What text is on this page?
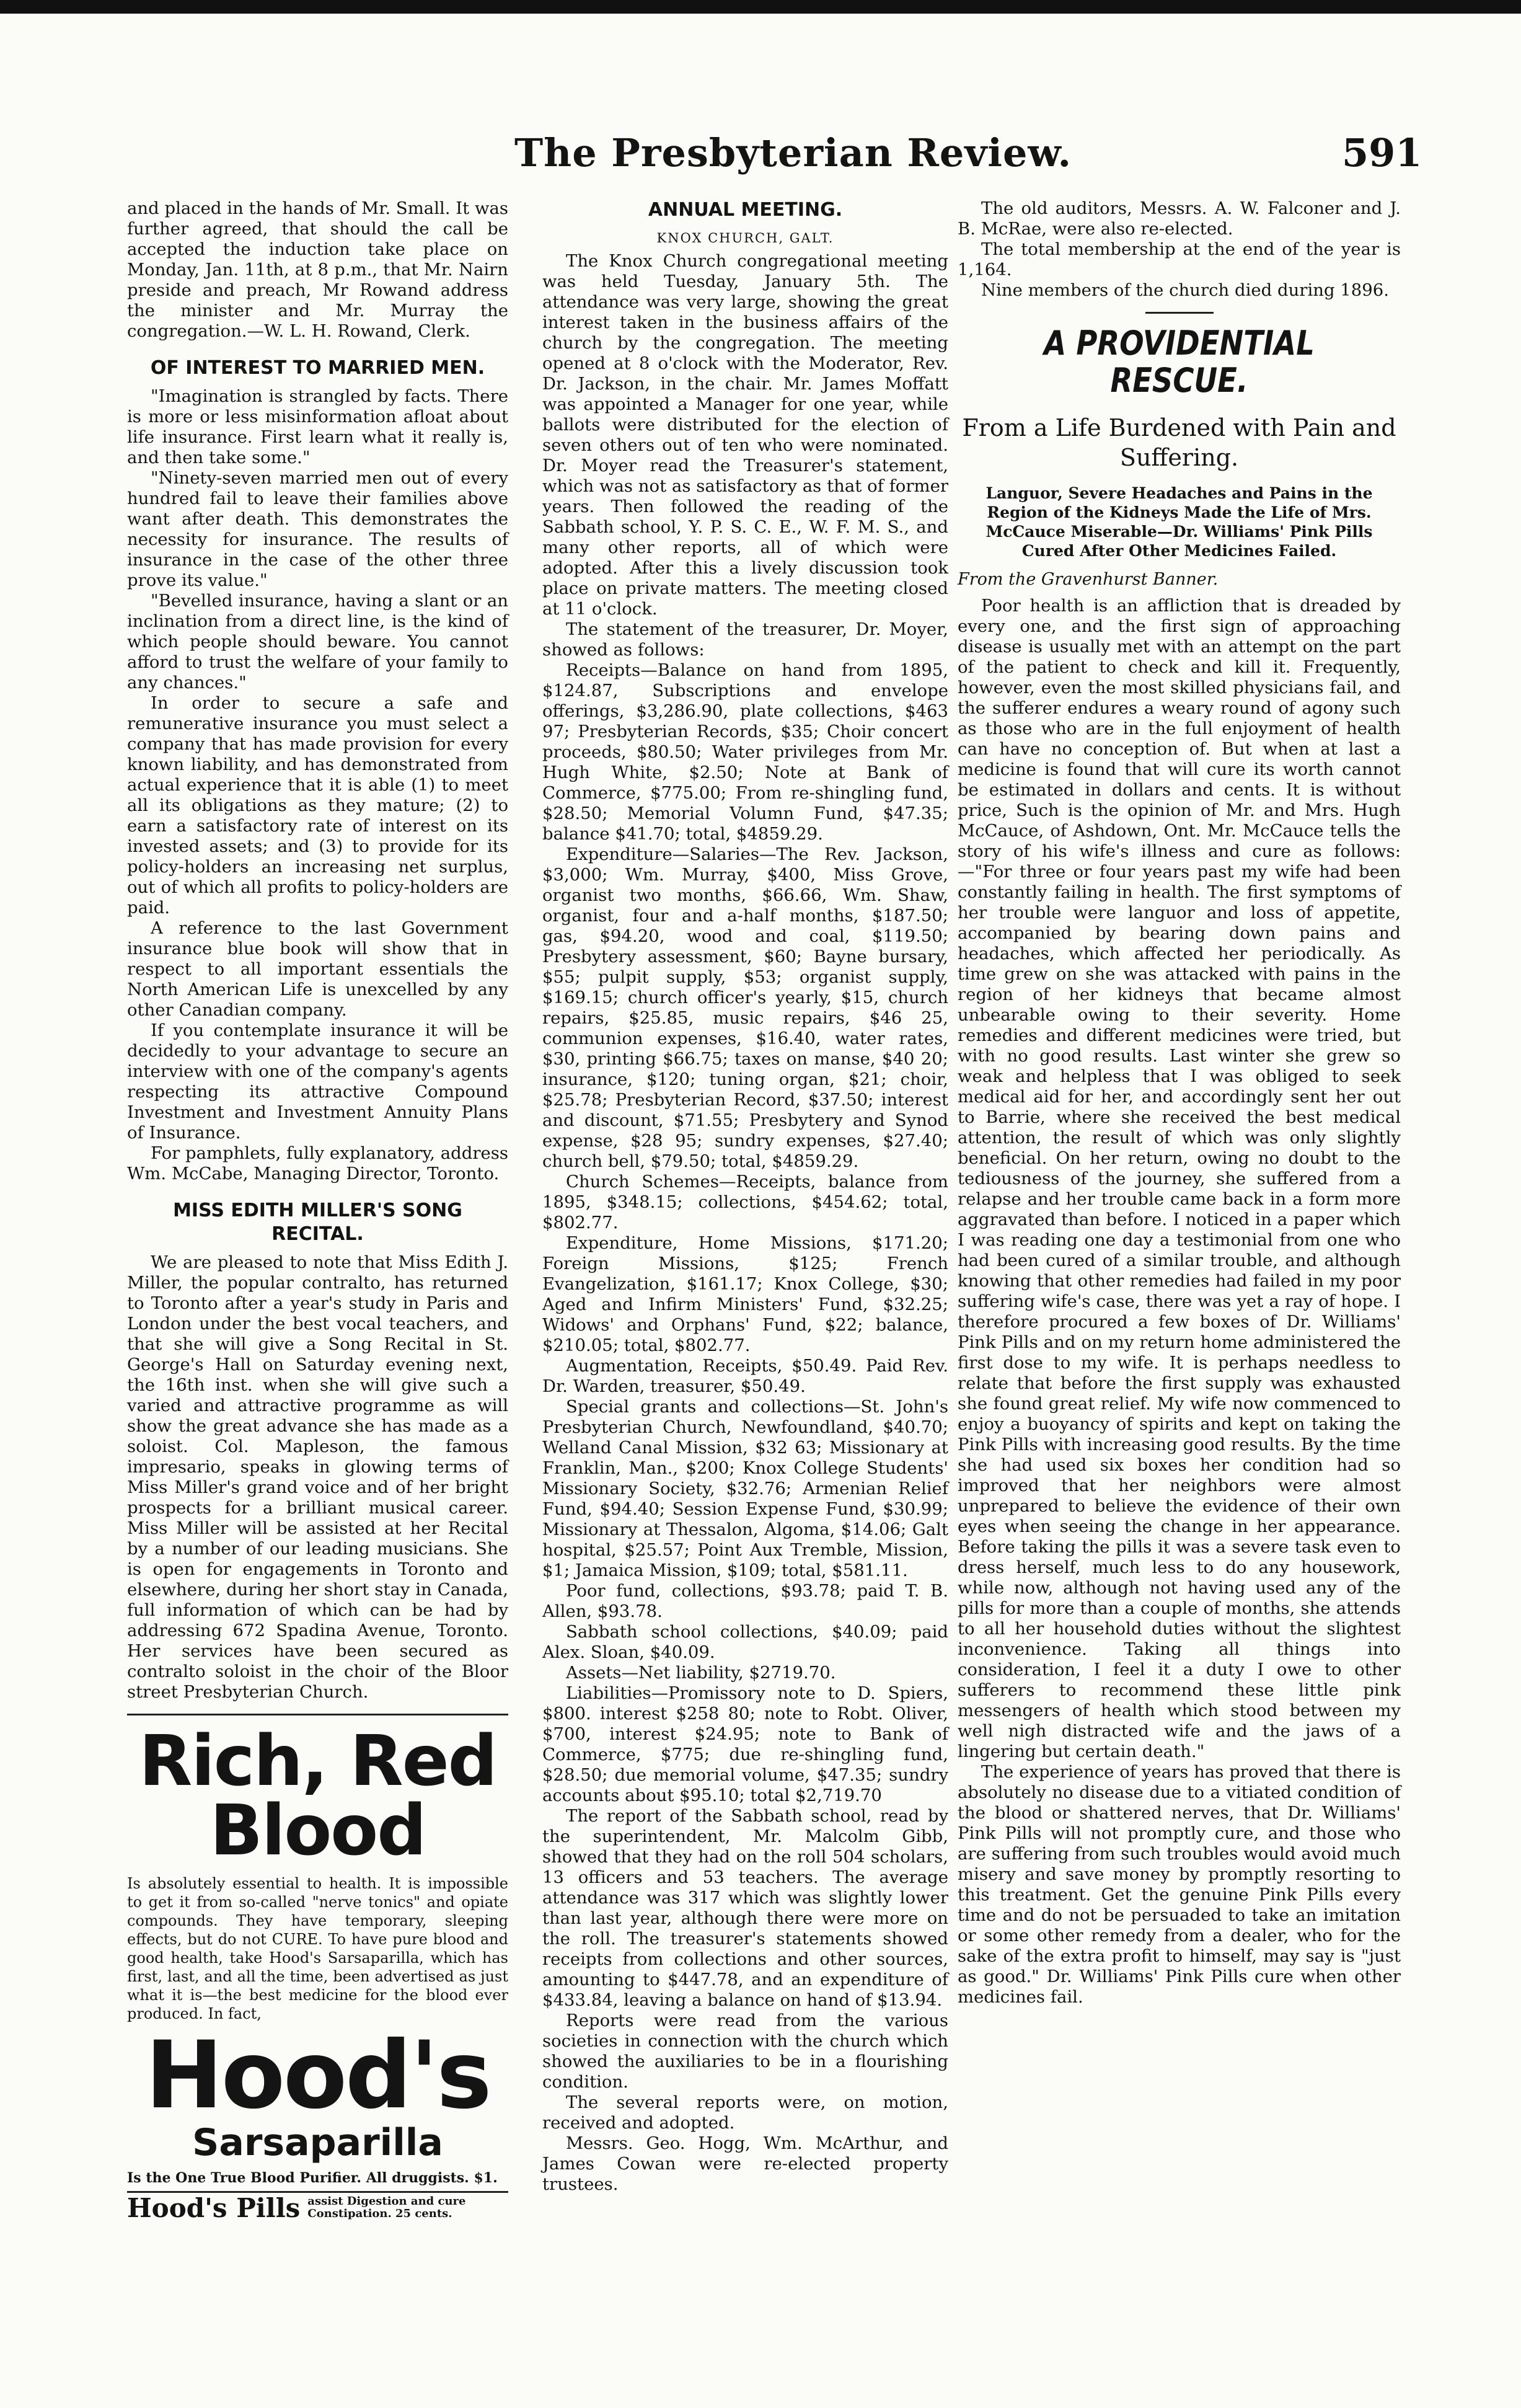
The Presbyterian Review.	591

and placed in the hands of Mr. Small. It was further agreed, that should the call be accepted the induction take place on Monday, Jan. 11th, at 8 p.m., that Mr. Nairn preside and preach, Mr Rowand address the minister and Mr. Murray the congregation.—W. L. H. Rowand, Clerk.

OF INTEREST TO MARRIED MEN.

"Imagination is strangled by facts. There is more or less misinformation afloat about life insurance. First learn what it really is, and then take some."

"Ninety-seven married men out of every hundred fail to leave their families above want after death. This demonstrates the necessity for insurance. The results of insurance in the case of the other three prove its value."

"Bevelled insurance, having a slant or an inclination from a direct line, is the kind of which people should beware. You cannot afford to trust the welfare of your family to any chances."

In order to secure a safe and remunerative insurance you must select a company that has made provision for every known liability, and has demonstrated from actual experience that it is able (1) to meet all its obligations as they mature; (2) to earn a satisfactory rate of interest on its invested assets; and (3) to provide for its policy-holders an increasing net surplus, out of which all profits to policy-holders are paid.

A reference to the last Government insurance blue book will show that in respect to all important essentials the North American Life is unexcelled by any other Canadian company.

If you contemplate insurance it will be decidedly to your advantage to secure an interview with one of the company's agents respecting its attractive Compound Investment and Investment Annuity Plans of Insurance.

For pamphlets, fully explanatory, address Wm. McCabe, Managing Director, Toronto.

MISS EDITH MILLER'S SONG RECITAL.

We are pleased to note that Miss Edith J. Miller, the popular contralto, has returned to Toronto after a year's study in Paris and London under the best vocal teachers, and that she will give a Song Recital in St. George's Hall on Saturday evening next, the 16th inst. when she will give such a varied and attractive programme as will show the great advance she has made as a soloist. Col. Mapleson, the famous impresario, speaks in glowing terms of Miss Miller's grand voice and of her bright prospects for a brilliant musical career. Miss Miller will be assisted at her Recital by a number of our leading musicians. She is open for engagements in Toronto and elsewhere, during her short stay in Canada, full information of which can be had by addressing 672 Spadina Avenue, Toronto. Her services have been secured as contralto soloist in the choir of the Bloor street Presbyterian Church.

Rich, Red Blood
Is absolutely essential to health. It is impossible to get it from so-called "nerve tonics" and opiate compounds. They have temporary, sleeping effects, but do not CURE. To have pure blood and good health, take Hood's Sarsaparilla, which has first, last, and all the time, been advertised as just what it is—the best medicine for the blood ever produced. In fact,
Hood's
Sarsaparilla
Is the One True Blood Purifier. All druggists. $1.
Hood's Pills assist Digestion and cure
Constipation. 25 cents.
ANNUAL MEETING.
KNOX CHURCH, GALT.

The Knox Church congregational meeting was held Tuesday, January 5th. The attendance was very large, showing the great interest taken in the business affairs of the church by the congregation. The meeting opened at 8 o'clock with the Moderator, Rev. Dr. Jackson, in the chair. Mr. James Moffatt was appointed a Manager for one year, while ballots were distributed for the election of seven others out of ten who were nominated. Dr. Moyer read the Treasurer's statement, which was not as satisfactory as that of former years. Then followed the reading of the Sabbath school, Y. P. S. C. E., W. F. M. S., and many other reports, all of which were adopted. After this a lively discussion took place on private matters. The meeting closed at 11 o'clock.

The statement of the treasurer, Dr. Moyer, showed as follows:

Receipts—Balance on hand from 1895, $124.87, Subscriptions and envelope offerings, $3,286.90, plate collections, $463 97; Presbyterian Records, $35; Choir concert proceeds, $80.50; Water privileges from Mr. Hugh White, $2.50; Note at Bank of Commerce, $775.00; From re-shingling fund, $28.50; Memorial Volumn Fund, $47.35; balance $41.70; total, $4859.29.

Expenditure—Salaries—The Rev. Jackson, $3,000; Wm. Murray, $400, Miss Grove, organist two months, $66.66, Wm. Shaw, organist, four and a-half months, $187.50; gas, $94.20, wood and coal, $119.50; Presbytery assessment, $60; Bayne bursary, $55; pulpit supply, $53; organist supply, $169.15; church officer's yearly, $15, church repairs, $25.85, music repairs, $46 25, communion expenses, $16.40, water rates, $30, printing $66.75; taxes on manse, $40 20; insurance, $120; tuning organ, $21; choir, $25.78; Presbyterian Record, $37.50; interest and discount, $71.55; Presbytery and Synod expense, $28 95; sundry expenses, $27.40; church bell, $79.50; total, $4859.29.

Church Schemes—Receipts, balance from 1895, $348.15; collections, $454.62; total, $802.77.

Expenditure, Home Missions, $171.20; Foreign Missions, $125; French Evangelization, $161.17; Knox College, $30; Aged and Infirm Ministers' Fund, $32.25; Widows' and Orphans' Fund, $22; balance, $210.05; total, $802.77.

Augmentation, Receipts, $50.49. Paid Rev. Dr. Warden, treasurer, $50.49.

Special grants and collections—St. John's Presbyterian Church, Newfoundland, $40.70; Welland Canal Mission, $32 63; Missionary at Franklin, Man., $200; Knox College Students' Missionary Society, $32.76; Armenian Relief Fund, $94.40; Session Expense Fund, $30.99; Missionary at Thessalon, Algoma, $14.06; Galt hospital, $25.57; Point Aux Tremble, Mission, $1; Jamaica Mission, $109; total, $581.11.

Poor fund, collections, $93.78; paid T. B. Allen, $93.78.

Sabbath school collections, $40.09; paid Alex. Sloan, $40.09.

Assets—Net liability, $2719.70.

Liabilities—Promissory note to D. Spiers, $800. interest $258 80; note to Robt. Oliver, $700, interest $24.95; note to Bank of Commerce, $775; due re-shingling fund, $28.50; due memorial volume, $47.35; sundry accounts about $95.10; total $2,719.70

The report of the Sabbath school, read by the superintendent, Mr. Malcolm Gibb, showed that they had on the roll 504 scholars, 13 officers and 53 teachers. The average attendance was 317 which was slightly lower than last year, although there were more on the roll. The treasurer's statements showed receipts from collections and other sources, amounting to $447.78, and an expenditure of $433.84, leaving a balance on hand of $13.94.

Reports were read from the various societies in connection with the church which showed the auxiliaries to be in a flourishing condition.

The several reports were, on motion, received and adopted.

Messrs. Geo. Hogg, Wm. McArthur, and James Cowan were re-elected property trustees.

The old auditors, Messrs. A. W. Falconer and J. B. McRae, were also re-elected.

The total membership at the end of the year is 1,164.

Nine members of the church died during 1896.

A PROVIDENTIAL RESCUE.
From a Life Burdened with Pain and Suffering.
Languor, Severe Headaches and Pains in the Region of the Kidneys Made the Life of Mrs. McCauce Miserable—Dr. Williams' Pink Pills Cured After Other Medicines Failed.
From the Gravenhurst Banner.

Poor health is an affliction that is dreaded by every one, and the first sign of approaching disease is usually met with an attempt on the part of the patient to check and kill it. Frequently, however, even the most skilled physicians fail, and the sufferer endures a weary round of agony such as those who are in the full enjoyment of health can have no conception of. But when at last a medicine is found that will cure its worth cannot be estimated in dollars and cents. It is without price, Such is the opinion of Mr. and Mrs. Hugh McCauce, of Ashdown, Ont. Mr. McCauce tells the story of his wife's illness and cure as follows:—"For three or four years past my wife had been constantly failing in health. The first symptoms of her trouble were languor and loss of appetite, accompanied by bearing down pains and headaches, which affected her periodically. As time grew on she was attacked with pains in the region of her kidneys that became almost unbearable owing to their severity. Home remedies and different medicines were tried, but with no good results. Last winter she grew so weak and helpless that I was obliged to seek medical aid for her, and accordingly sent her out to Barrie, where she received the best medical attention, the result of which was only slightly beneficial. On her return, owing no doubt to the tediousness of the journey, she suffered from a relapse and her trouble came back in a form more aggravated than before. I noticed in a paper which I was reading one day a testimonial from one who had been cured of a similar trouble, and although knowing that other remedies had failed in my poor suffering wife's case, there was yet a ray of hope. I therefore procured a few boxes of Dr. Williams' Pink Pills and on my return home administered the first dose to my wife. It is perhaps needless to relate that before the first supply was exhausted she found great relief. My wife now commenced to enjoy a buoyancy of spirits and kept on taking the Pink Pills with increasing good results. By the time she had used six boxes her condition had so improved that her neighbors were almost unprepared to believe the evidence of their own eyes when seeing the change in her appearance. Before taking the pills it was a severe task even to dress herself, much less to do any housework, while now, although not having used any of the pills for more than a couple of months, she attends to all her household duties without the slightest inconvenience. Taking all things into consideration, I feel it a duty I owe to other sufferers to recommend these little pink messengers of health which stood between my well nigh distracted wife and the jaws of a lingering but certain death."

The experience of years has proved that there is absolutely no disease due to a vitiated condition of the blood or shattered nerves, that Dr. Williams' Pink Pills will not promptly cure, and those who are suffering from such troubles would avoid much misery and save money by promptly resorting to this treatment. Get the genuine Pink Pills every time and do not be persuaded to take an imitation or some other remedy from a dealer, who for the sake of the extra profit to himself, may say is "just as good." Dr. Williams' Pink Pills cure when other medicines fail.
